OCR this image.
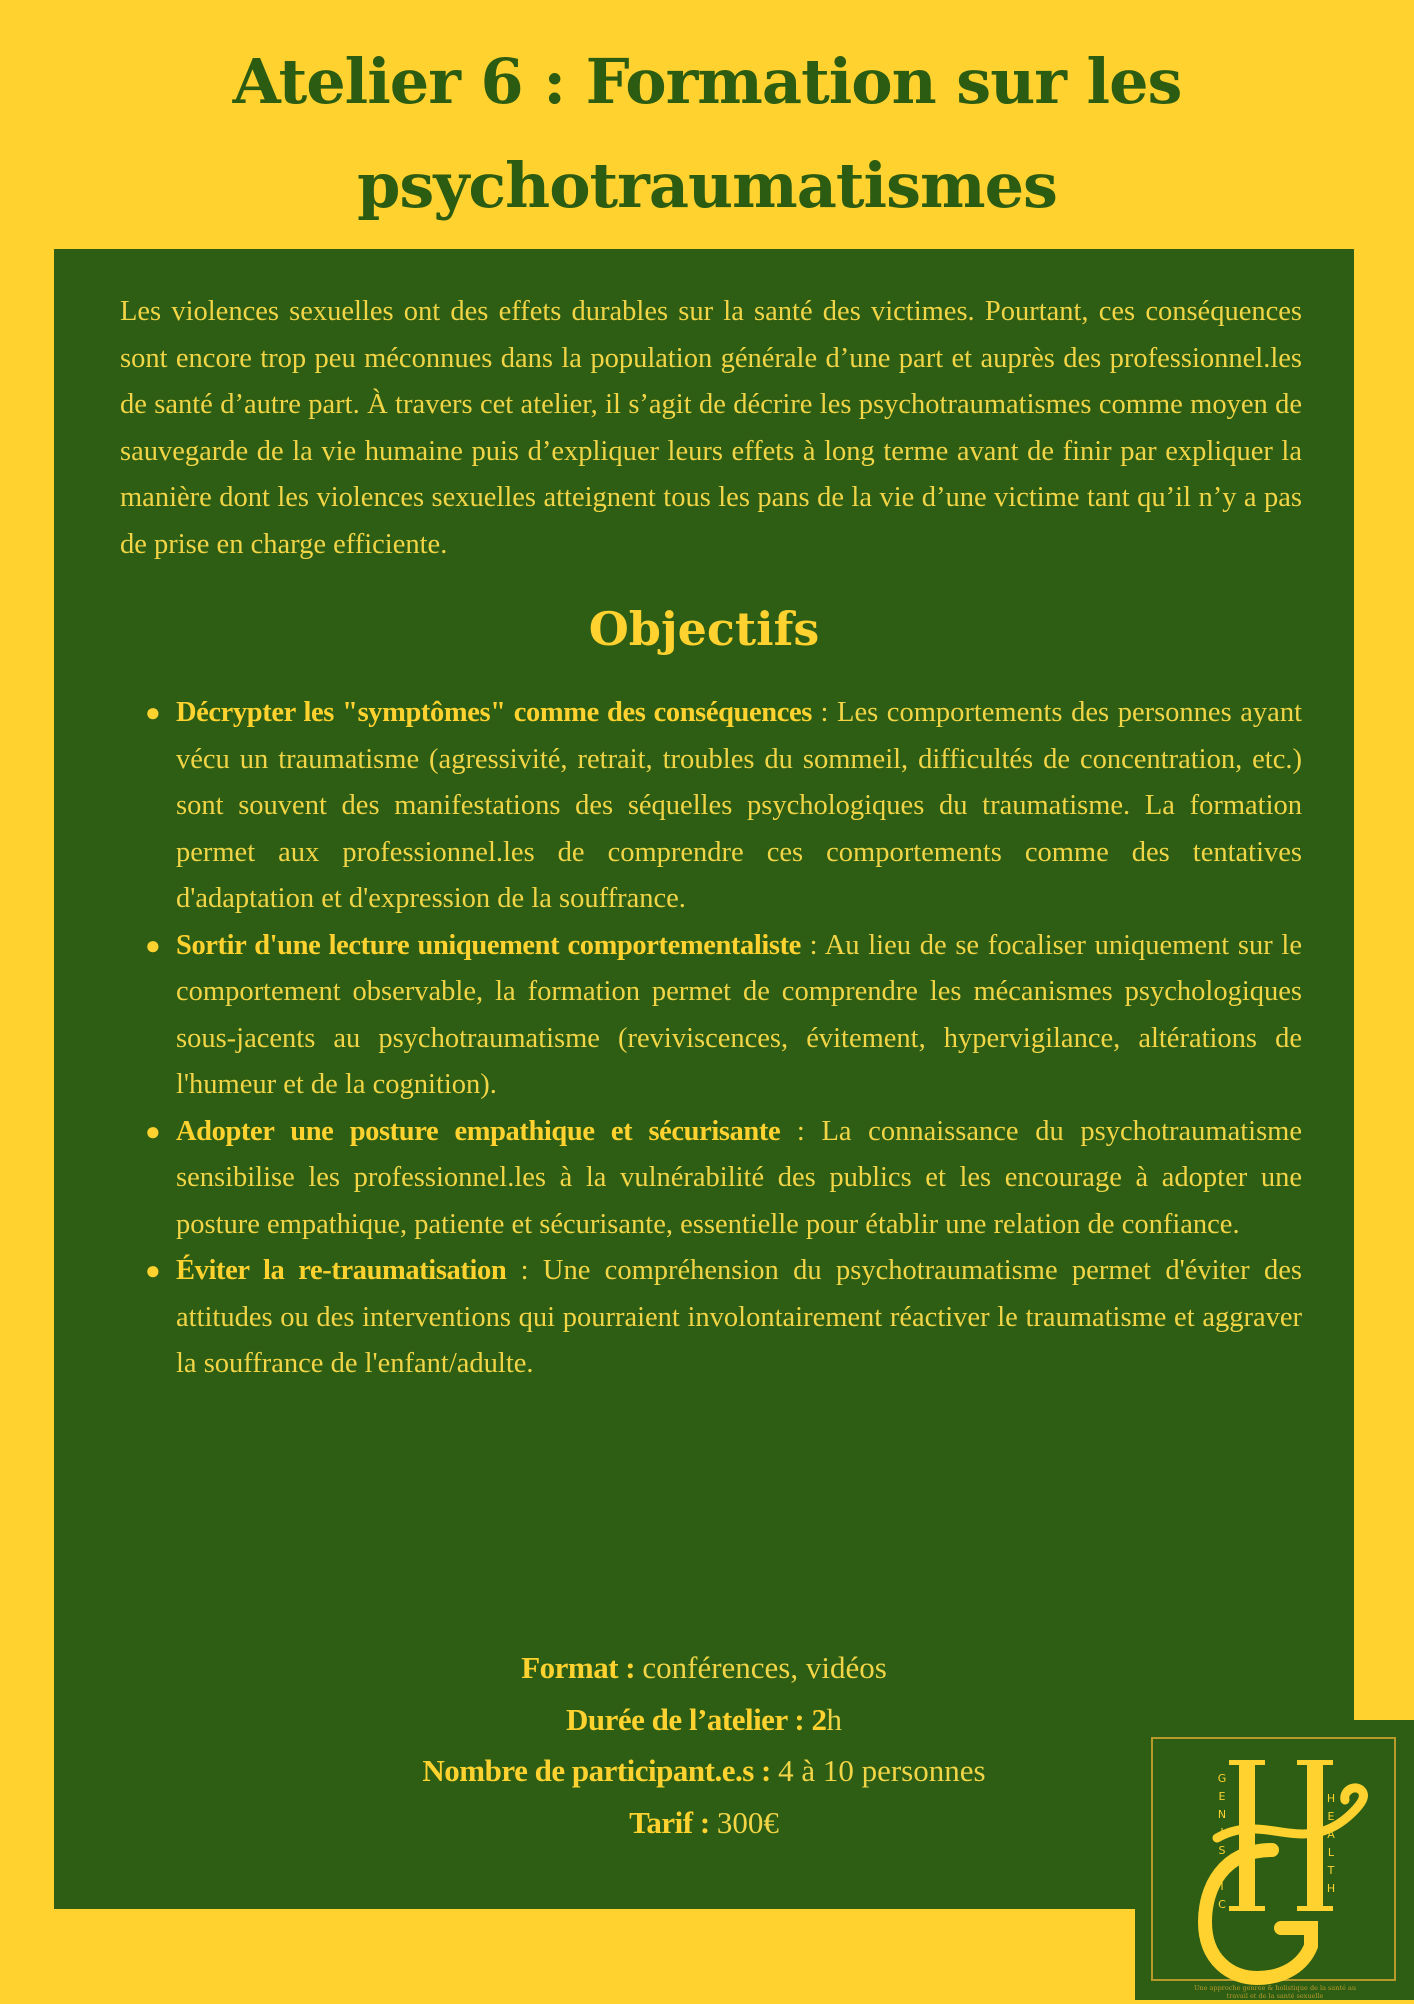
Atelier 6 : Formation sur les
psychotraumatismes

Les violences sexuelles ont des effets durables sur la santé des victimes. Pourtant, ces conséquences sont encore trop peu méconnues dans la population générale d’une part et auprès des professionnel.les de santé d’autre part. À travers cet atelier, il s’agit de décrire les psychotraumatismes comme moyen de sauvegarde de la vie humaine puis d’expliquer leurs effets à long terme avant de finir par expliquer la manière dont les violences sexuelles atteignent tous les pans de la vie d’une victime tant qu’il n’y a pas de prise en charge efficiente.

Objectifs
● Décrypter les "symptômes" comme des conséquences : Les comportements des personnes ayant vécu un traumatisme (agressivité, retrait, troubles du sommeil, difficultés de concentration, etc.) sont souvent des manifestations des séquelles psychologiques du traumatisme. La formation permet aux professionnel.les de comprendre ces comportements comme des tentatives d'adaptation et d'expression de la souffrance.
● Sortir d'une lecture uniquement comportementaliste : Au lieu de se focaliser uniquement sur le comportement observable, la formation permet de comprendre les mécanismes psychologiques sous-jacents au psychotraumatisme (reviviscences, évitement, hypervigilance, altérations de l'humeur et de la cognition).
● Adopter une posture empathique et sécurisante : La connaissance du psychotraumatisme sensibilise les professionnel.les à la vulnérabilité des publics et les encourage à adopter une posture empathique, patiente et sécurisante, essentielle pour établir une relation de confiance.
● Éviter la re-traumatisation : Une compréhension du psychotraumatisme permet d'éviter des attitudes ou des interventions qui pourraient involontairement réactiver le traumatisme et aggraver la souffrance de l'enfant/adulte.
Format : conférences, vidéos
Durée de l’atelier : 2h
Nombre de participant.e.s : 4 à 10 personnes
Tarif : 300€
G
E
N
I
S
T
I
C
H
E
A
L
T
H
Une approche genrée & holistique de la santé au
travail et de la santé sexuelle
